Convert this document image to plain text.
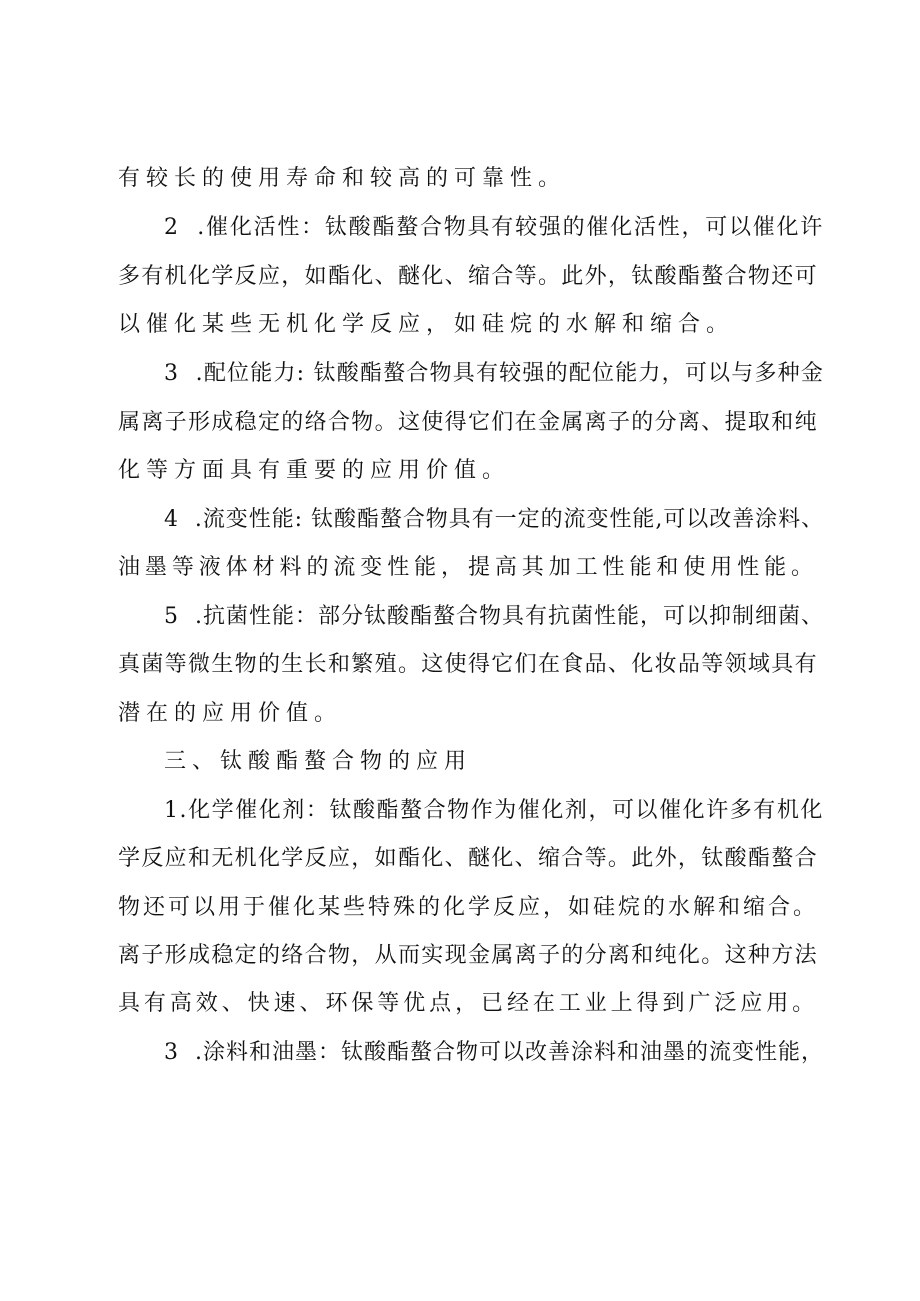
有较长的使用寿命和较高的可靠性。
2  .催化活性：钛酸酯螯合物具有较强的催化活性，可以催化许
多有机化学反应，如酯化、醚化、缩合等。此外，钛酸酯螯合物还可
以催化某些无机化学反应，如硅烷的水解和缩合。
3  .配位能力: 钛酸酯螯合物具有较强的配位能力，可以与多种金
属离子形成稳定的络合物。这使得它们在金属离子的分离、提取和纯
化等方面具有重要的应用价值。
4  .流变性能: 钛酸酯螯合物具有一定的流变性能,可以改善涂料、
油墨等液体材料的流变性能，提高其加工性能和使用性能。
5  .抗菌性能：部分钛酸酯螯合物具有抗菌性能，可以抑制细菌、
真菌等微生物的生长和繁殖。这使得它们在食品、化妆品等领域具有
潜在的应用价值。
三、钛酸酯螯合物的应用
1.化学催化剂：钛酸酯螯合物作为催化剂，可以催化许多有机化
学反应和无机化学反应，如酯化、醚化、缩合等。此外，钛酸酯螯合
物还可以用于催化某些特殊的化学反应，如硅烷的水解和缩合。
离子形成稳定的络合物，从而实现金属离子的分离和纯化。这种方法
具有高效、快速、环保等优点，已经在工业上得到广泛应用。
3  .涂料和油墨：钛酸酯螯合物可以改善涂料和油墨的流变性能，
